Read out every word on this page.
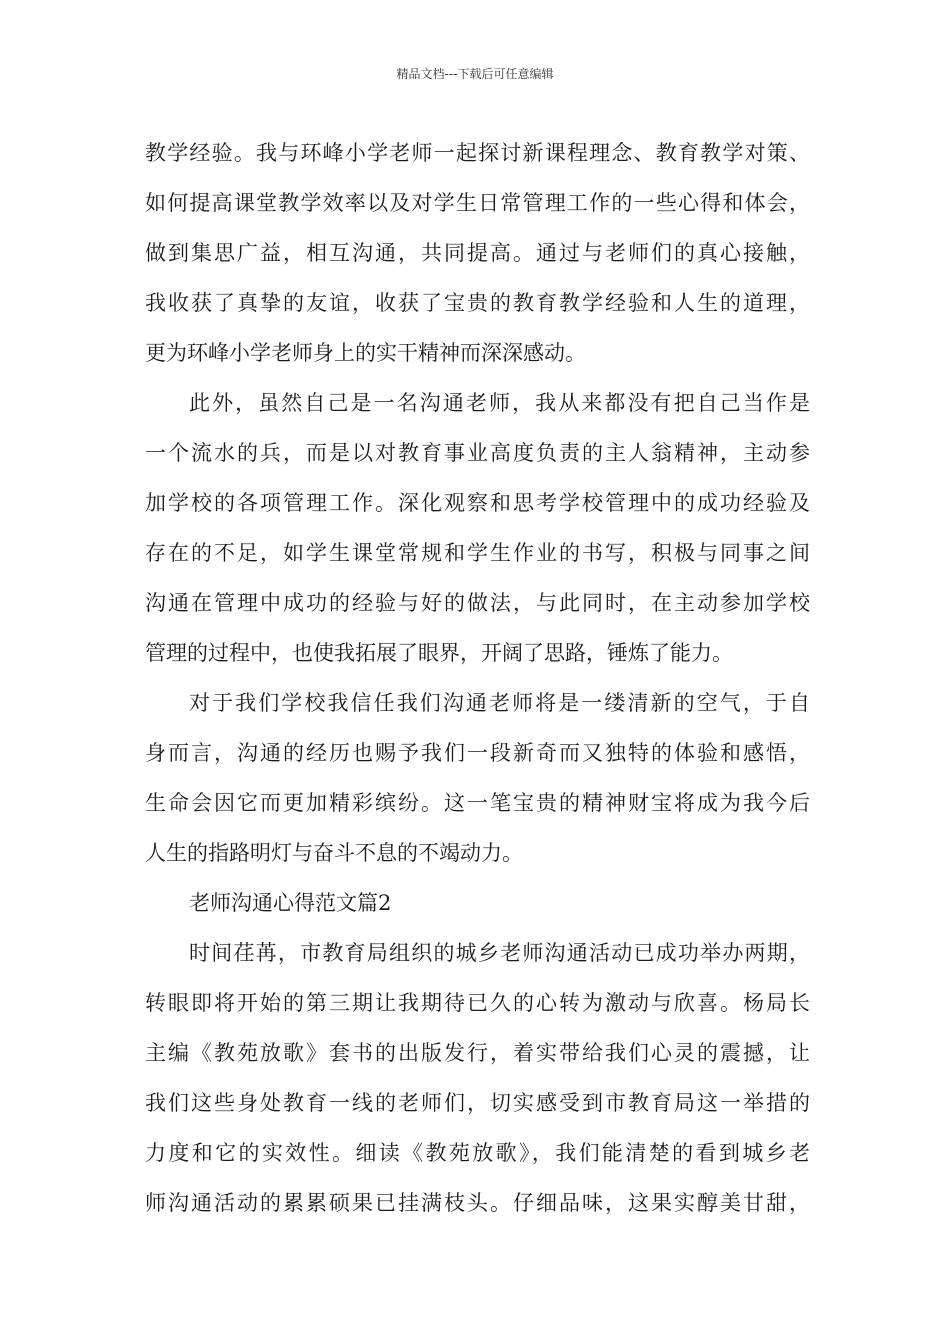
精品文档---下载后可任意编辑
教学经验。我与环峰小学老师一起探讨新课程理念、教育教学对策、
如何提高课堂教学效率以及对学生日常管理工作的一些心得和体会，
做到集思广益，相互沟通，共同提高。通过与老师们的真心接触，
我收获了真挚的友谊，收获了宝贵的教育教学经验和人生的道理，
更为环峰小学老师身上的实干精神而深深感动。
此外，虽然自己是一名沟通老师，我从来都没有把自己当作是
一个流水的兵，而是以对教育事业高度负责的主人翁精神，主动参
加学校的各项管理工作。深化观察和思考学校管理中的成功经验及
存在的不足，如学生课堂常规和学生作业的书写，积极与同事之间
沟通在管理中成功的经验与好的做法，与此同时，在主动参加学校
管理的过程中，也使我拓展了眼界，开阔了思路，锤炼了能力。
对于我们学校我信任我们沟通老师将是一缕清新的空气，于自
身而言，沟通的经历也赐予我们一段新奇而又独特的体验和感悟，
生命会因它而更加精彩缤纷。这一笔宝贵的精神财宝将成为我今后
人生的指路明灯与奋斗不息的不竭动力。
老师沟通心得范文篇2
时间荏苒，市教育局组织的城乡老师沟通活动已成功举办两期，
转眼即将开始的第三期让我期待已久的心转为激动与欣喜。杨局长
主编《教苑放歌》套书的出版发行，着实带给我们心灵的震撼，让
我们这些身处教育一线的老师们，切实感受到市教育局这一举措的
力度和它的实效性。细读《教苑放歌》，我们能清楚的看到城乡老
师沟通活动的累累硕果已挂满枝头。仔细品味，这果实醇美甘甜，
